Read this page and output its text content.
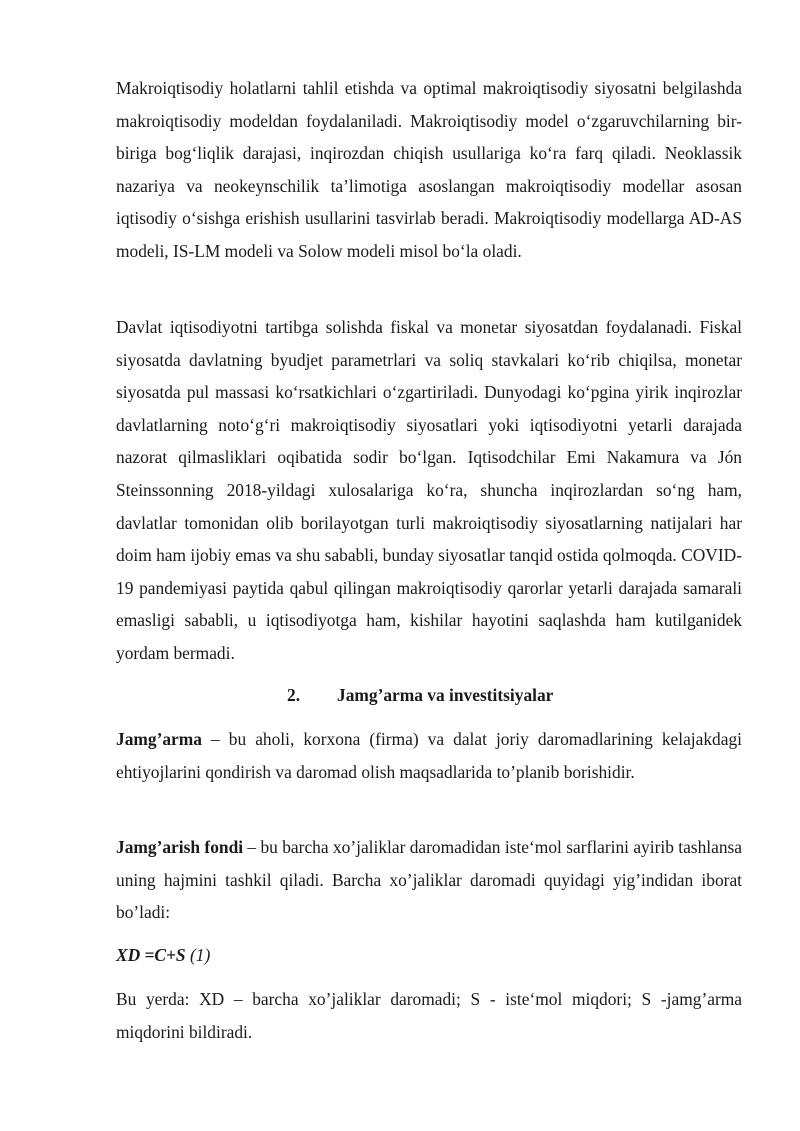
Makroiqtisodiy holatlarni tahlil etishda va optimal makroiqtisodiy siyosatni belgilashda makroiqtisodiy modeldan foydalaniladi. Makroiqtisodiy model o‘zgaruvchilarning bir-biriga bog‘liqlik darajasi, inqirozdan chiqish usullariga ko‘ra farq qiladi. Neoklassik nazariya va neokeynschilik ta’limotiga asoslangan makroiqtisodiy modellar asosan iqtisodiy o‘sishga erishish usullarini tasvirlab beradi. Makroiqtisodiy modellarga AD-AS modeli, IS-LM modeli va Solow modeli misol bo‘la oladi.

Davlat iqtisodiyotni tartibga solishda fiskal va monetar siyosatdan foydalanadi. Fiskal siyosatda davlatning byudjet parametrlari va soliq stavkalari ko‘rib chiqilsa, monetar siyosatda pul massasi ko‘rsatkichlari o‘zgartiriladi. Dunyodagi ko‘pgina yirik inqirozlar davlatlarning noto‘g‘ri makroiqtisodiy siyosatlari yoki iqtisodiyotni yetarli darajada nazorat qilmasliklari oqibatida sodir bo‘lgan. Iqtisodchilar Emi Nakamura va Jón Steinssonning 2018-yildagi xulosalariga ko‘ra, shuncha inqirozlardan so‘ng ham, davlatlar tomonidan olib borilayotgan turli makroiqtisodiy siyosatlarning natijalari har doim ham ijobiy emas va shu sababli, bunday siyosatlar tanqid ostida qolmoqda. COVID-19 pandemiyasi paytida qabul qilingan makroiqtisodiy qarorlar yetarli darajada samarali emasligi sababli, u iqtisodiyotga ham, kishilar hayotini saqlashda ham kutilganidek yordam bermadi.

2. Jamg’arma va investitsiyalar

Jamg’arma – bu aholi, korxona (firma) va dalat joriy daromadlarining kelajakdagi ehtiyojlarini qondirish va daromad olish maqsadlarida to’planib borishidir.

Jamg’arish fondi – bu barcha xo’jaliklar daromadidan iste‘mol sarflarini ayirib tashlansa uning hajmini tashkil qiladi. Barcha xo’jaliklar daromadi quyidagi yig’indidan iborat bo’ladi:

XD =C+S (1)

Bu yerda: XD – barcha xo’jaliklar daromadi; S - iste‘mol miqdori; S -jamg’arma miqdorini bildiradi.
